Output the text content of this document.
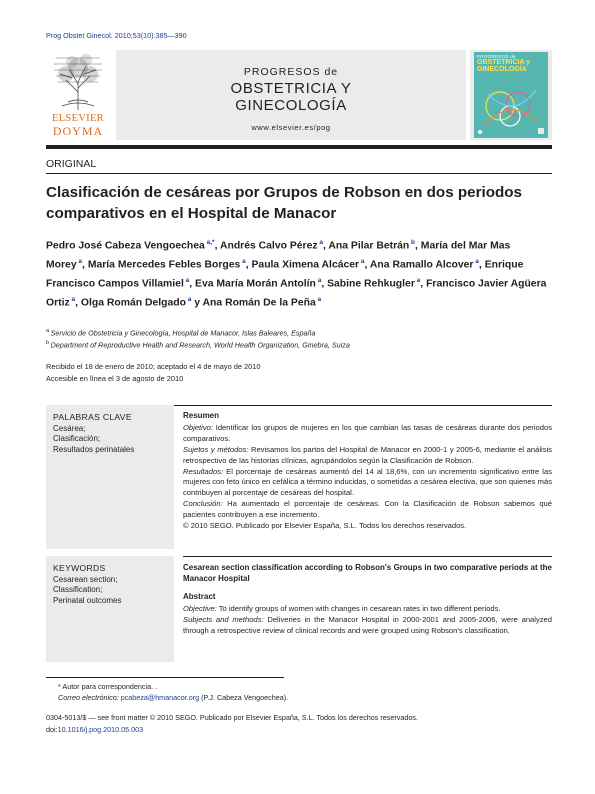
Prog Obstet Ginecol. 2010;53(10):385—390
ELSEVIER
DOYMA
PROGRESOS de
OBSTETRICIA Y
GINECOLOGÍA
www.elsevier.es/pog
PROGRESOS de
OBSTETRICIA y
GINECOLOGÍA
ORIGINAL
Clasificación de cesáreas por Grupos de Robson en dos periodos comparativos en el Hospital de Manacor
Pedro José Cabeza Vengoechea $^{a,*}$, Andrés Calvo Pérez $^a$, Ana Pilar Betrán $^b$, María del Mar Mas Morey $^a$, María Mercedes Febles Borges $^a$, Paula Ximena Alcácer $^a$, Ana Ramallo Alcover $^a$, Enrique Francisco Campos Villamiel $^a$, Eva María Morán Antolín $^a$, Sabine Rehkugler $^a$, Francisco Javier Agüera Ortiz $^a$, Olga Román Delgado $^a$ y Ana Román De la Peña $^a$
$^a$ Servicio de Obstetricia y Ginecología, Hospital de Manacor, Islas Baleares, España
$^b$ Department of Reproductive Health and Research, World Health Organization, Ginebra, Suiza
Recibido el 18 de enero de 2010; aceptado el 4 de mayo de 2010
Accesible en línea el 3 de agosto de 2010
PALABRAS CLAVE
Cesárea;
Clasificación;
Resultados perinatales
Resumen
Objetivo: Identificar los grupos de mujeres en los que cambian las tasas de cesáreas durante dos periodos comparativos.
Sujetos y métodos: Revisamos los partos del Hospital de Manacor en 2000-1 y 2005-6, mediante el análisis retrospectivo de las historias clínicas, agrupándolos según la Clasificación de Robson.
Resultados: El porcentaje de cesáreas aumentó del 14 al 18,6%, con un incremento significativo entre las mujeres con feto único en cefálica a término inducidas, o sometidas a cesárea electiva, que son quienes más contribuyen al porcentaje de cesáreas del hospital.
Conclusión: Ha aumentado el porcentaje de cesáreas. Con la Clasificación de Robson sabemos qué pacientes contribuyen a ese incremento.
© 2010 SEGO. Publicado por Elsevier España, S.L. Todos los derechos reservados.
KEYWORDS
Cesarean section;
Classification;
Perinatal outcomes
Cesarean section classification according to Robson's Groups in two comparative periods at the Manacor Hospital
Abstract
Objective: To identify groups of women with changes in cesarean rates in two different periods.
Subjects and methods: Deliveries in the Manacor Hospital in 2000-2001 and 2005-2006, were analyzed through a retrospective review of clinical records and were grouped using Robson's classification.
* Autor para correspondencia. .
Correo electrónico: pcabeza@hmanacor.org (P.J. Cabeza Vengoechea).
0304-5013/$ — see front matter © 2010 SEGO. Publicado por Elsevier España, S.L. Todos los derechos reservados.
doi:10.1016/j.pog.2010.05.003
